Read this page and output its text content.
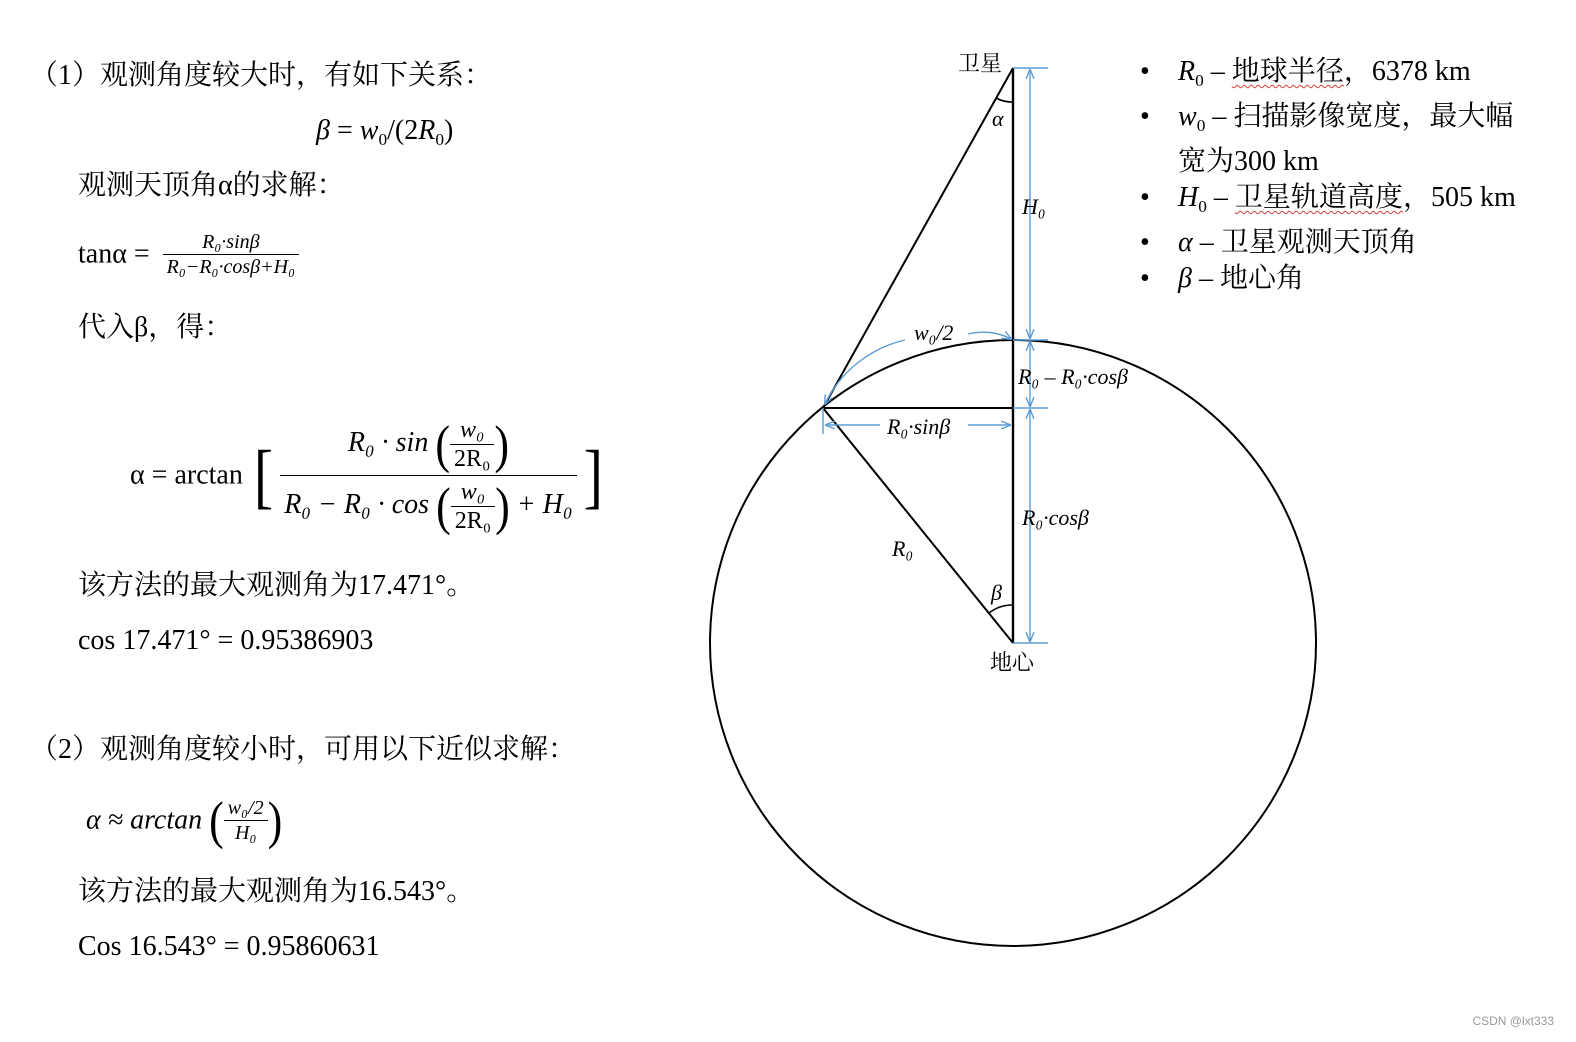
（1）观测角度较大时，有如下关系：
$\beta = w_0/(2R_0)$
观测天顶角α的求解：
$\tan\alpha = \frac{\text{R₀·sinβ}}{\text{R₀−R₀·cosβ+H₀}}$
代入β，得：
α = arctan [ $\frac{R_0 \cdot \sin ( \frac{\text{w₀}}{\text{2R₀}} )}{R_0 - R_0 \cdot \cos ( \frac{\text{w₀}}{\text{2R₀}} ) + H_0}$ ]
该方法的最大观测角为17.471°。
cos 17.471° = 0.95386903
（2）观测角度较小时，可用以下近似求解：
α ≈ arctan ( $\frac{\text{w₀/2}}{\text{H₀}}$ )
该方法的最大观测角为16.543°。
Cos 16.543° = 0.95860631
卫星
α
H₀
w₀/2
R₀ – R₀·cosβ
R₀·sinβ
R₀·cosβ
R₀
β
地心
• $R_0$ – 地球半径，6378 km
• $w_0$ – 扫描影像宽度，最大幅
宽为300 km
• $H_0$ – 卫星轨道高度，505 km
• α – 卫星观测天顶角
• β – 地心角
CSDN @lxt333
